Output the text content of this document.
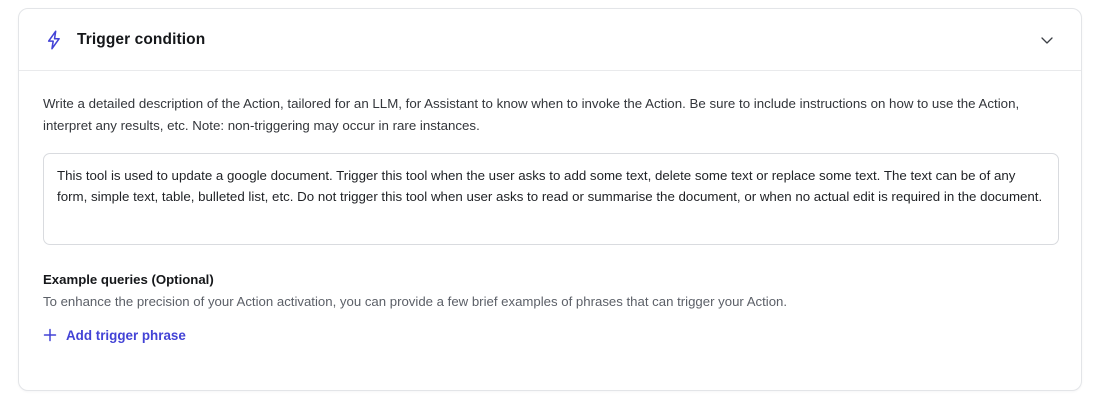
Trigger condition

Write a detailed description of the Action, tailored for an LLM, for Assistant to know when to invoke the Action. Be sure to include instructions on how to use the Action, interpret any results, etc. Note: non-triggering may occur in rare instances.

This tool is used to update a google document. Trigger this tool when the user asks to add some text, delete some text or replace some text. The text can be of any form, simple text, table, bulleted list, etc. Do not trigger this tool when user asks to read or summarise the document, or when no actual edit is required in the document.
Example queries (Optional)
To enhance the precision of your Action activation, you can provide a few brief examples of phrases that can trigger your Action.
Add trigger phrase
